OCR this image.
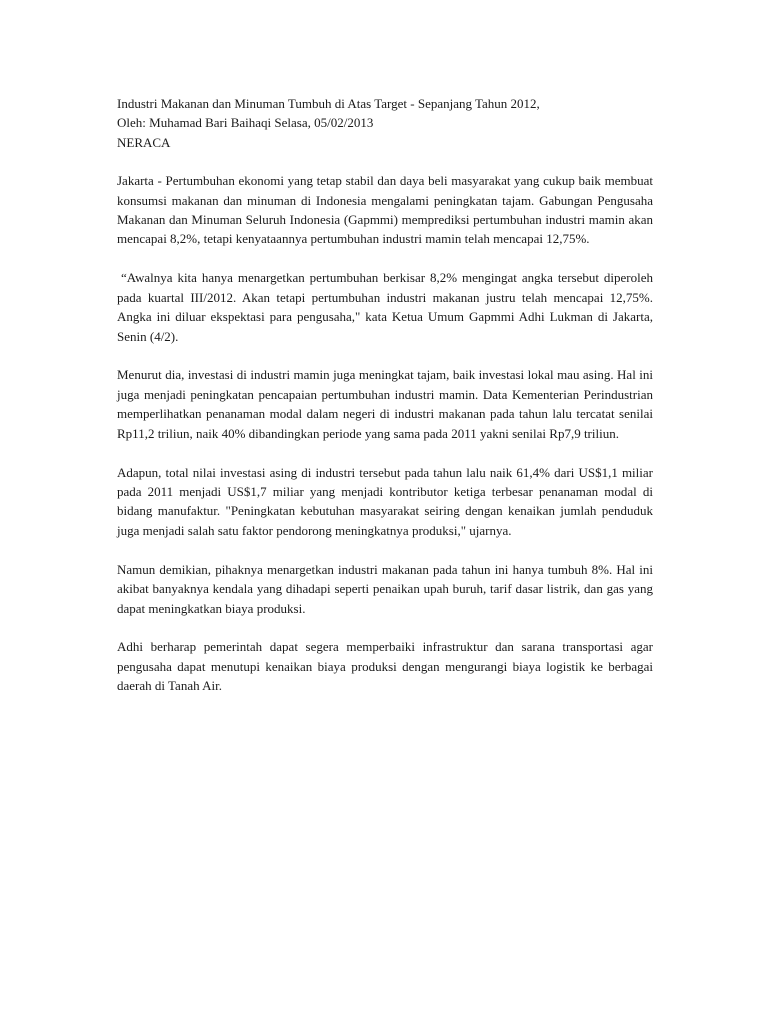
Industri Makanan dan Minuman Tumbuh di Atas Target - Sepanjang Tahun 2012,
Oleh: Muhamad Bari Baihaqi Selasa, 05/02/2013
NERACA

Jakarta - Pertumbuhan ekonomi yang tetap stabil dan daya beli masyarakat yang cukup baik membuat konsumsi makanan dan minuman di Indonesia mengalami peningkatan tajam. Gabungan Pengusaha Makanan dan Minuman Seluruh Indonesia (Gapmmi) memprediksi pertumbuhan industri mamin akan mencapai 8,2%, tetapi kenyataannya pertumbuhan industri mamin telah mencapai 12,75%.

“Awalnya kita hanya menargetkan pertumbuhan berkisar 8,2% mengingat angka tersebut diperoleh pada kuartal III/2012. Akan tetapi pertumbuhan industri makanan justru telah mencapai 12,75%. Angka ini diluar ekspektasi para pengusaha," kata Ketua Umum Gapmmi Adhi Lukman di Jakarta, Senin (4/2).

Menurut dia, investasi di industri mamin juga meningkat tajam, baik investasi lokal mau asing. Hal ini juga menjadi peningkatan pencapaian pertumbuhan industri mamin. Data Kementerian Perindustrian memperlihatkan penanaman modal dalam negeri di industri makanan pada tahun lalu tercatat senilai Rp11,2 triliun, naik 40% dibandingkan periode yang sama pada 2011 yakni senilai Rp7,9 triliun.

Adapun, total nilai investasi asing di industri tersebut pada tahun lalu naik 61,4% dari US$1,1 miliar pada 2011 menjadi US$1,7 miliar yang menjadi kontributor ketiga terbesar penanaman modal di bidang manufaktur. "Peningkatan kebutuhan masyarakat seiring dengan kenaikan jumlah penduduk juga menjadi salah satu faktor pendorong meningkatnya produksi," ujarnya.

Namun demikian, pihaknya menargetkan industri makanan pada tahun ini hanya tumbuh 8%. Hal ini akibat banyaknya kendala yang dihadapi seperti penaikan upah buruh, tarif dasar listrik, dan gas yang dapat meningkatkan biaya produksi.

Adhi berharap pemerintah dapat segera memperbaiki infrastruktur dan sarana transportasi agar pengusaha dapat menutupi kenaikan biaya produksi dengan mengurangi biaya logistik ke berbagai daerah di Tanah Air.
